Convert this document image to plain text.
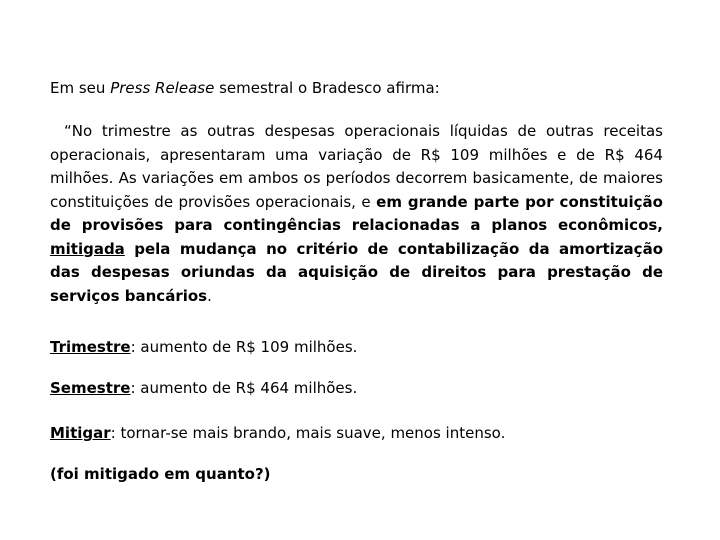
Em seu Press Release semestral o Bradesco afirma:

“No trimestre as outras despesas operacionais líquidas de outras receitas operacionais, apresentaram uma variação de R$ 109 milhões e de R$ 464 milhões. As variações em ambos os períodos decorrem basicamente, de maiores constituições de provisões operacionais, e em grande parte por constituição de provisões para contingências relacionadas a planos econômicos, mitigada pela mudança no critério de contabilização da amortização das despesas oriundas da aquisição de direitos para prestação de serviços bancários.

Trimestre: aumento de R$ 109 milhões.

Semestre: aumento de R$ 464 milhões.

Mitigar: tornar-se mais brando, mais suave, menos intenso.

(foi mitigado em quanto?)
